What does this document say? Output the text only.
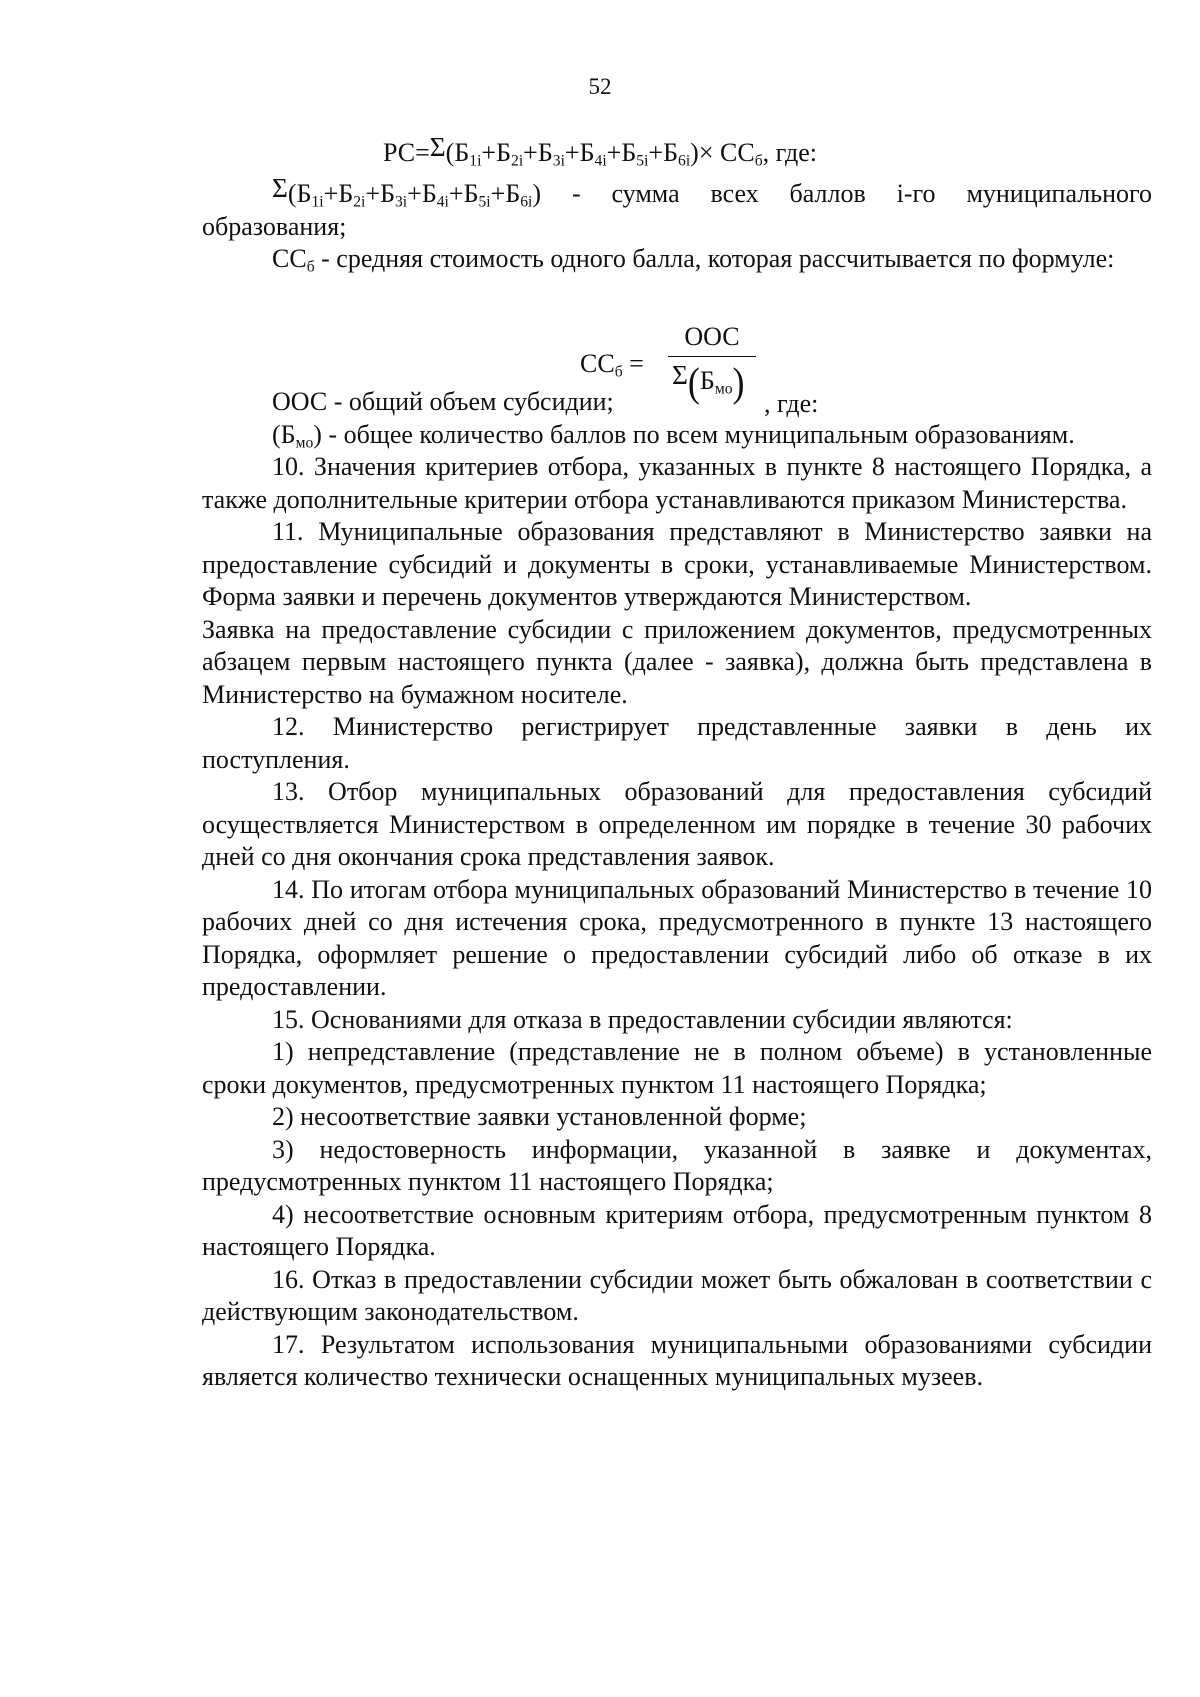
52
$РС=\Sigma(Б_{1i}+Б_{2i}+Б_{3i}+Б_{4i}+Б_{5i}+Б_{6i})\times СС_б$, где:

$\Sigma(Б_{1i}+Б_{2i}+Б_{3i}+Б_{4i}+Б_{5i}+Б_{6i})$ - сумма всех баллов i-го муниципального образования;

$СС_б$ - средняя стоимость одного балла, которая рассчитывается по формуле:

$СС_б$ =
ООС
$\Sigma(Б_{мо})$ , где:

ООС - общий объем субсидии;

$(Б_{мо})$ - общее количество баллов по всем муниципальным образованиям.

10. Значения критериев отбора, указанных в пункте 8 настоящего Порядка, а также дополнительные критерии отбора устанавливаются приказом Министерства.

11. Муниципальные образования представляют в Министерство заявки на предоставление субсидий и документы в сроки, устанавливаемые Министерством. Форма заявки и перечень документов утверждаются Министерством.

Заявка на предоставление субсидии с приложением документов, предусмотренных абзацем первым настоящего пункта (далее - заявка), должна быть представлена в Министерство на бумажном носителе.

12. Министерство регистрирует представленные заявки в день их поступления.

13. Отбор муниципальных образований для предоставления субсидий осуществляется Министерством в определенном им порядке в течение 30 рабочих дней со дня окончания срока представления заявок.

14. По итогам отбора муниципальных образований Министерство в течение 10 рабочих дней со дня истечения срока, предусмотренного в пункте 13 настоящего Порядка, оформляет решение о предоставлении субсидий либо об отказе в их предоставлении.

15. Основаниями для отказа в предоставлении субсидии являются:

1) непредставление (представление не в полном объеме) в установленные сроки документов, предусмотренных пунктом 11 настоящего Порядка;

2) несоответствие заявки установленной форме;

3) недостоверность информации, указанной в заявке и документах, предусмотренных пунктом 11 настоящего Порядка;

4) несоответствие основным критериям отбора, предусмотренным пунктом 8 настоящего Порядка.

16. Отказ в предоставлении субсидии может быть обжалован в соответствии с действующим законодательством.

17. Результатом использования муниципальными образованиями субсидии является количество технически оснащенных муниципальных музеев.
